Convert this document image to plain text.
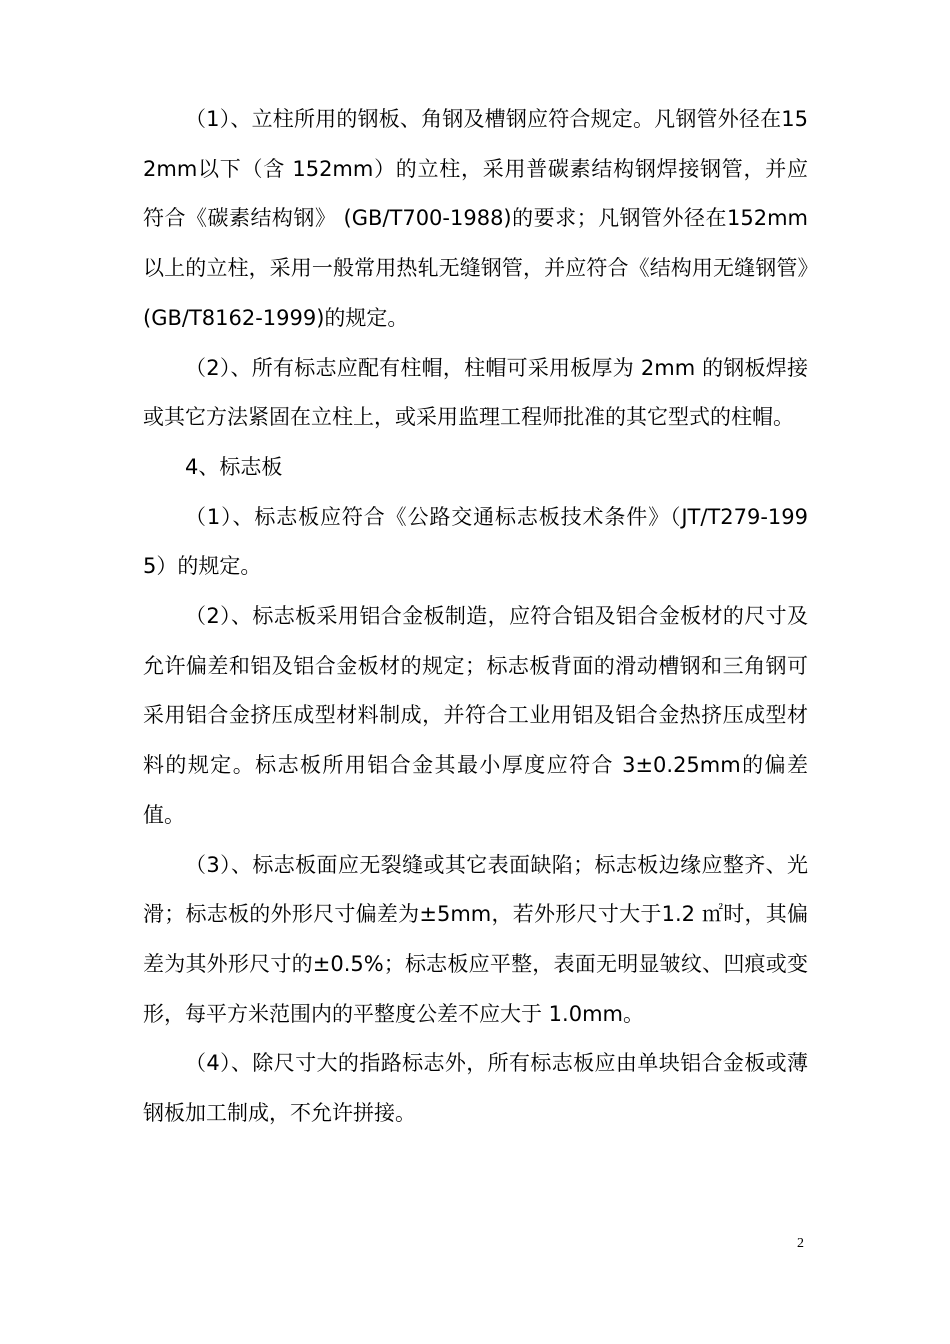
（1）、立柱所用的钢板、角钢及槽钢应符合规定。凡钢管外径在152mm以下（含 152mm）的立柱，采用普碳素结构钢焊接钢管，并应符合《碳素结构钢》 (GB/T700-1988)的要求；凡钢管外径在152mm 以上的立柱，采用一般常用热轧无缝钢管，并应符合《结构用无缝钢管》(GB/T8162-1999)的规定。

（2）、所有标志应配有柱帽，柱帽可采用板厚为 2mm 的钢板焊接或其它方法紧固在立柱上，或采用监理工程师批准的其它型式的柱帽。

4、标志板

（1）、标志板应符合《公路交通标志板技术条件》（JT/T279-1995）的规定。

（2）、标志板采用铝合金板制造，应符合铝及铝合金板材的尺寸及允许偏差和铝及铝合金板材的规定；标志板背面的滑动槽钢和三角钢可采用铝合金挤压成型材料制成，并符合工业用铝及铝合金热挤压成型材料的规定。标志板所用铝合金其最小厚度应符合 3±0.25mm的偏差值。

（3）、标志板面应无裂缝或其它表面缺陷；标志板边缘应整齐、光滑；标志板的外形尺寸偏差为±5mm，若外形尺寸大于1.2 ㎡时，其偏差为其外形尺寸的±0.5%；标志板应平整，表面无明显皱纹、凹痕或变形，每平方米范围内的平整度公差不应大于 1.0mm。

（4）、除尺寸大的指路标志外，所有标志板应由单块铝合金板或薄钢板加工制成，不允许拼接。

2
